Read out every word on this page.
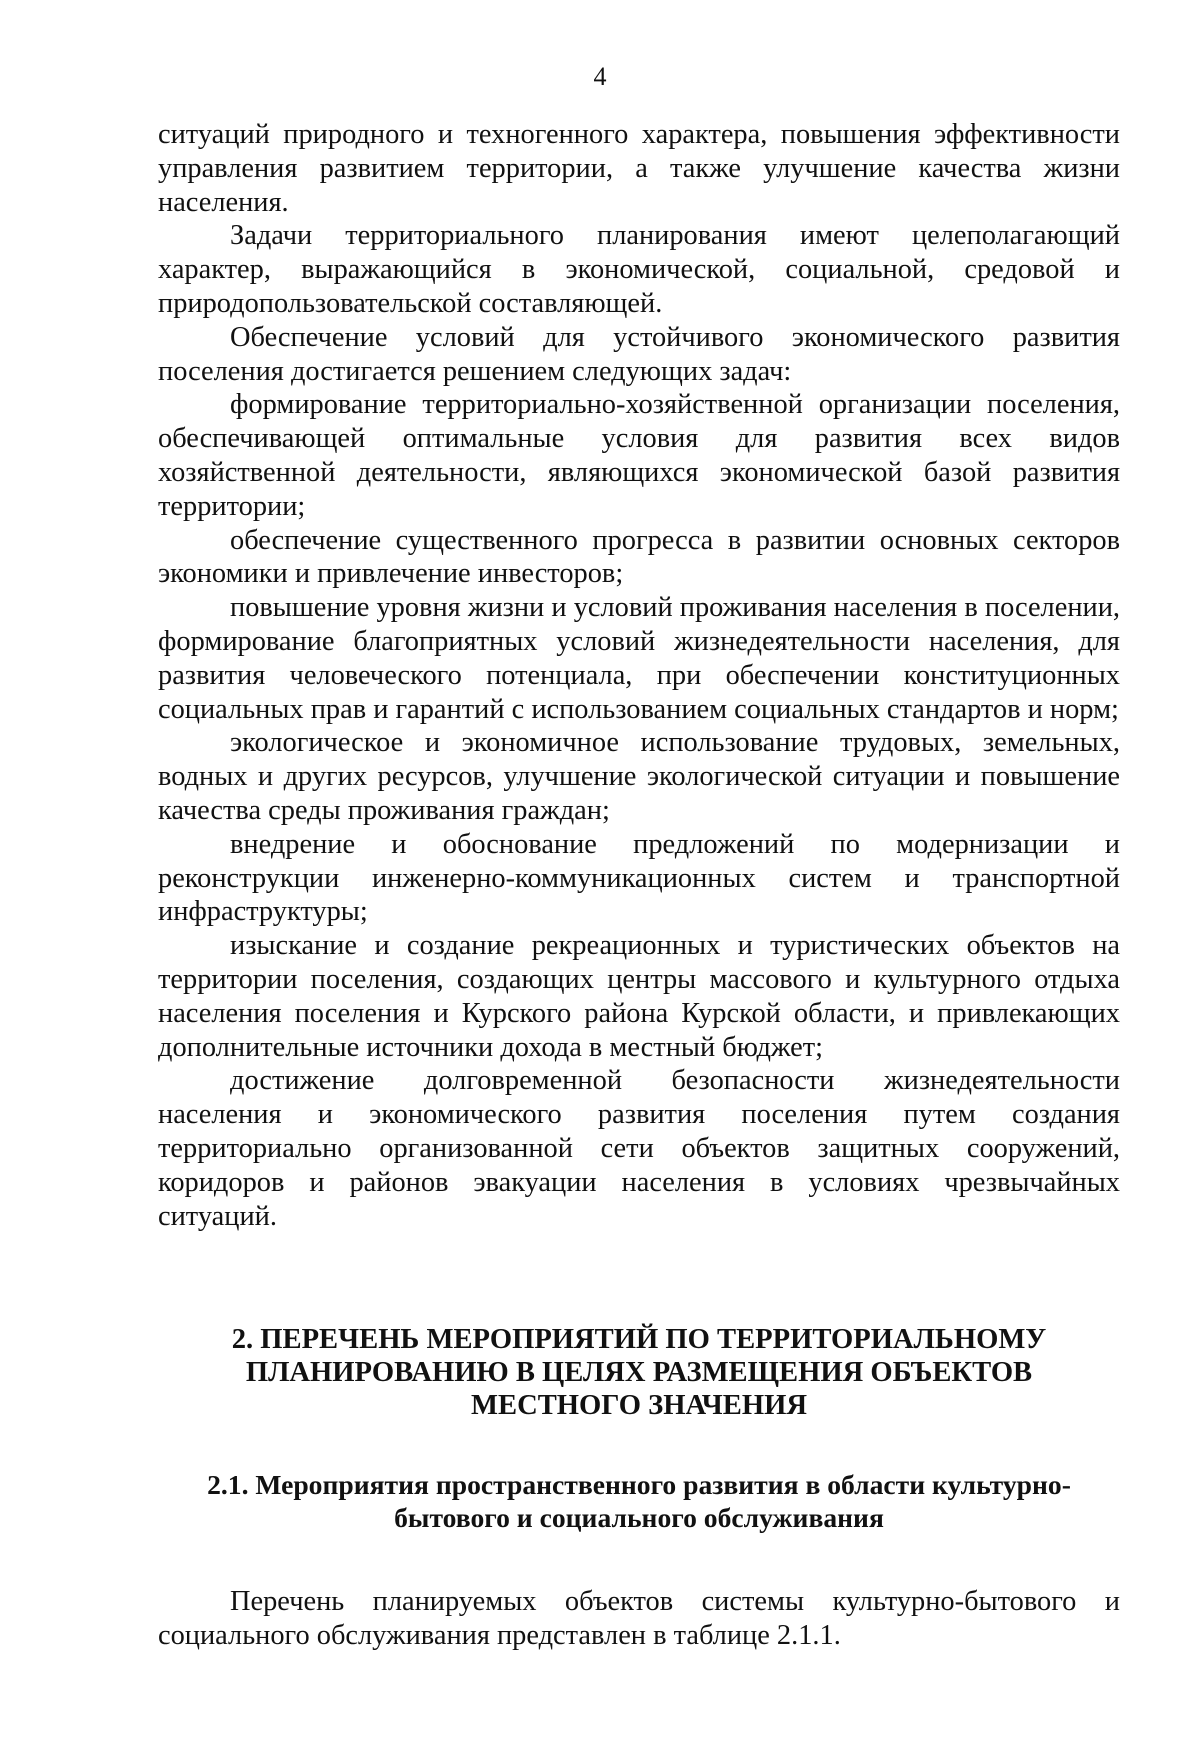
4

ситуаций природного и техногенного характера, повышения эффективности управления развитием территории, а также улучшение качества жизни населения.

Задачи территориального планирования имеют целеполагающий характер, выражающийся в экономической, социальной, средовой и природопользовательской составляющей.

Обеспечение условий для устойчивого экономического развития поселения достигается решением следующих задач:

формирование территориально-хозяйственной организации поселения, обеспечивающей оптимальные условия для развития всех видов хозяйственной деятельности, являющихся экономической базой развития территории;

обеспечение существенного прогресса в развитии основных секторов экономики и привлечение инвесторов;

повышение уровня жизни и условий проживания населения в поселении, формирование благоприятных условий жизнедеятельности населения, для развития человеческого потенциала, при обеспечении конституционных социальных прав и гарантий с использованием социальных стандартов и норм;

экологическое и экономичное использование трудовых, земельных, водных и других ресурсов, улучшение экологической ситуации и повышение качества среды проживания граждан;

внедрение и обоснование предложений по модернизации и реконструкции инженерно-коммуникационных систем и транспортной инфраструктуры;

изыскание и создание рекреационных и туристических объектов на территории поселения, создающих центры массового и культурного отдыха населения поселения и Курского района Курской области, и привлекающих дополнительные источники дохода в местный бюджет;

достижение долговременной безопасности жизнедеятельности населения и экономического развития поселения путем создания территориально организованной сети объектов защитных сооружений, коридоров и районов эвакуации населения в условиях чрезвычайных ситуаций.

2. ПЕРЕЧЕНЬ МЕРОПРИЯТИЙ ПО ТЕРРИТОРИАЛЬНОМУ
ПЛАНИРОВАНИЮ В ЦЕЛЯХ РАЗМЕЩЕНИЯ ОБЪЕКТОВ
МЕСТНОГО ЗНАЧЕНИЯ
2.1. Мероприятия пространственного развития в области культурно-
бытового и социального обслуживания

Перечень планируемых объектов системы культурно-бытового и социального обслуживания представлен в таблице 2.1.1.
